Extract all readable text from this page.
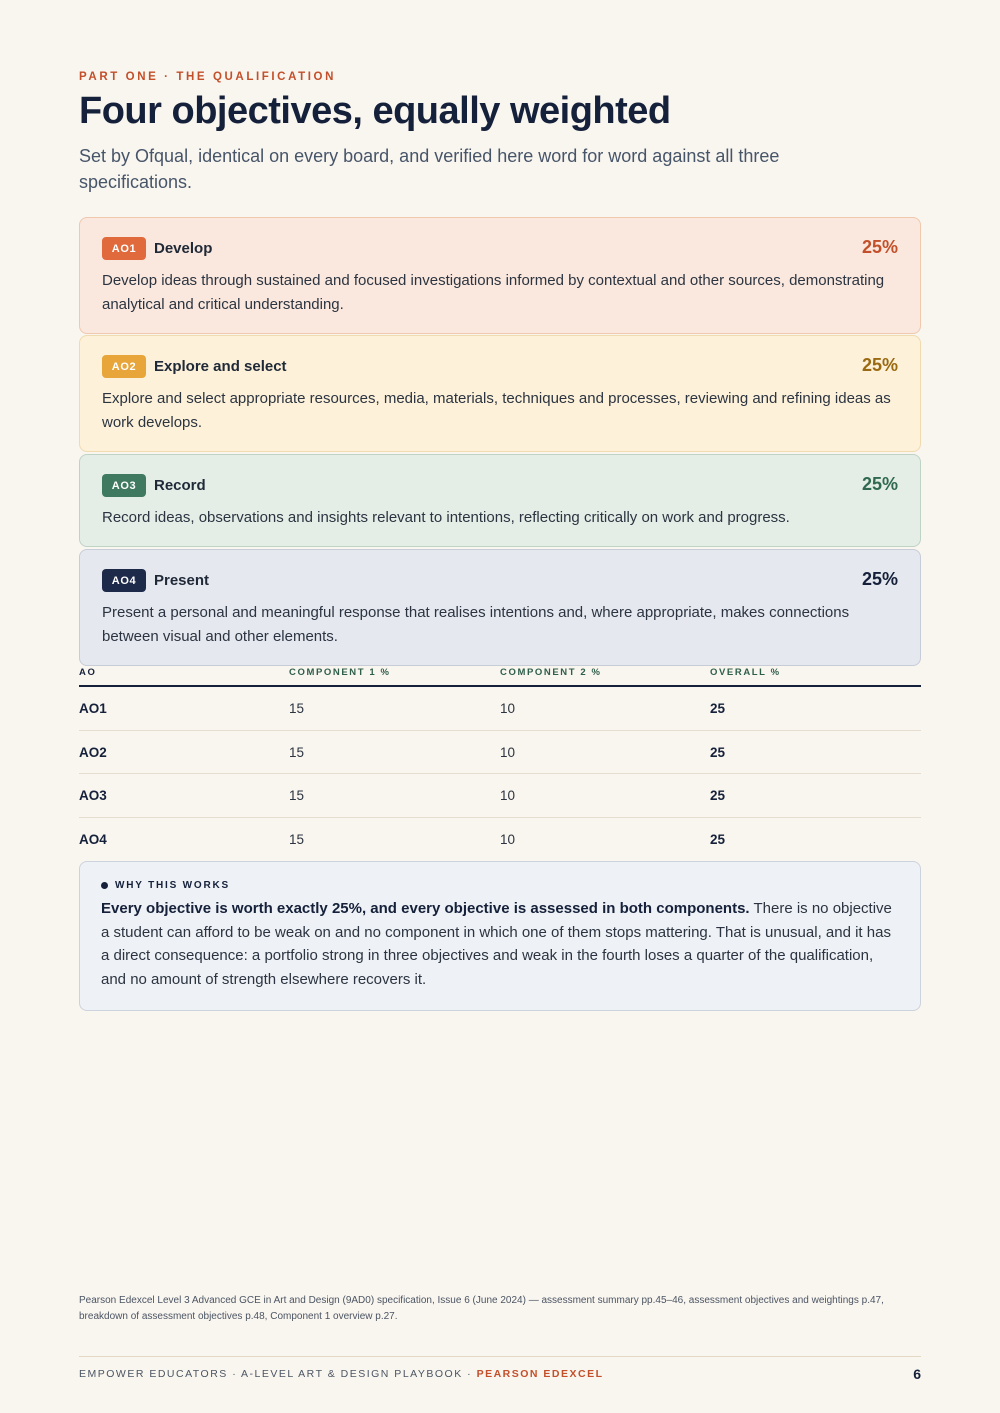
PART ONE · THE QUALIFICATION
Four objectives, equally weighted

Set by Ofqual, identical on every board, and verified here word for word against all three specifications.

AO1	Develop	25%

Develop ideas through sustained and focused investigations informed by contextual and other sources, demonstrating analytical and critical understanding.

AO2	Explore and select	25%

Explore and select appropriate resources, media, materials, techniques and processes, reviewing and refining ideas as work develops.

AO3	Record	25%

Record ideas, observations and insights relevant to intentions, reflecting critically on work and progress.

AO4	Present	25%

Present a personal and meaningful response that realises intentions and, where appropriate, makes connections between visual and other elements.

AO	COMPONENT 1 %	COMPONENT 2 %	OVERALL %
AO1	15	10	25
AO2	15	10	25
AO3	15	10	25
AO4	15	10	25
WHY THIS WORKS

Every objective is worth exactly 25%, and every objective is assessed in both components. There is no objective a student can afford to be weak on and no component in which one of them stops mattering. That is unusual, and it has a direct consequence: a portfolio strong in three objectives and weak in the fourth loses a quarter of the qualification, and no amount of strength elsewhere recovers it.

Pearson Edexcel Level 3 Advanced GCE in Art and Design (9AD0) specification, Issue 6 (June 2024) — assessment summary pp.45–46, assessment objectives and weightings p.47, breakdown of assessment objectives p.48, Component 1 overview p.27.

EMPOWER EDUCATORS · A-LEVEL ART & DESIGN PLAYBOOK · PEARSON EDEXCEL	6
